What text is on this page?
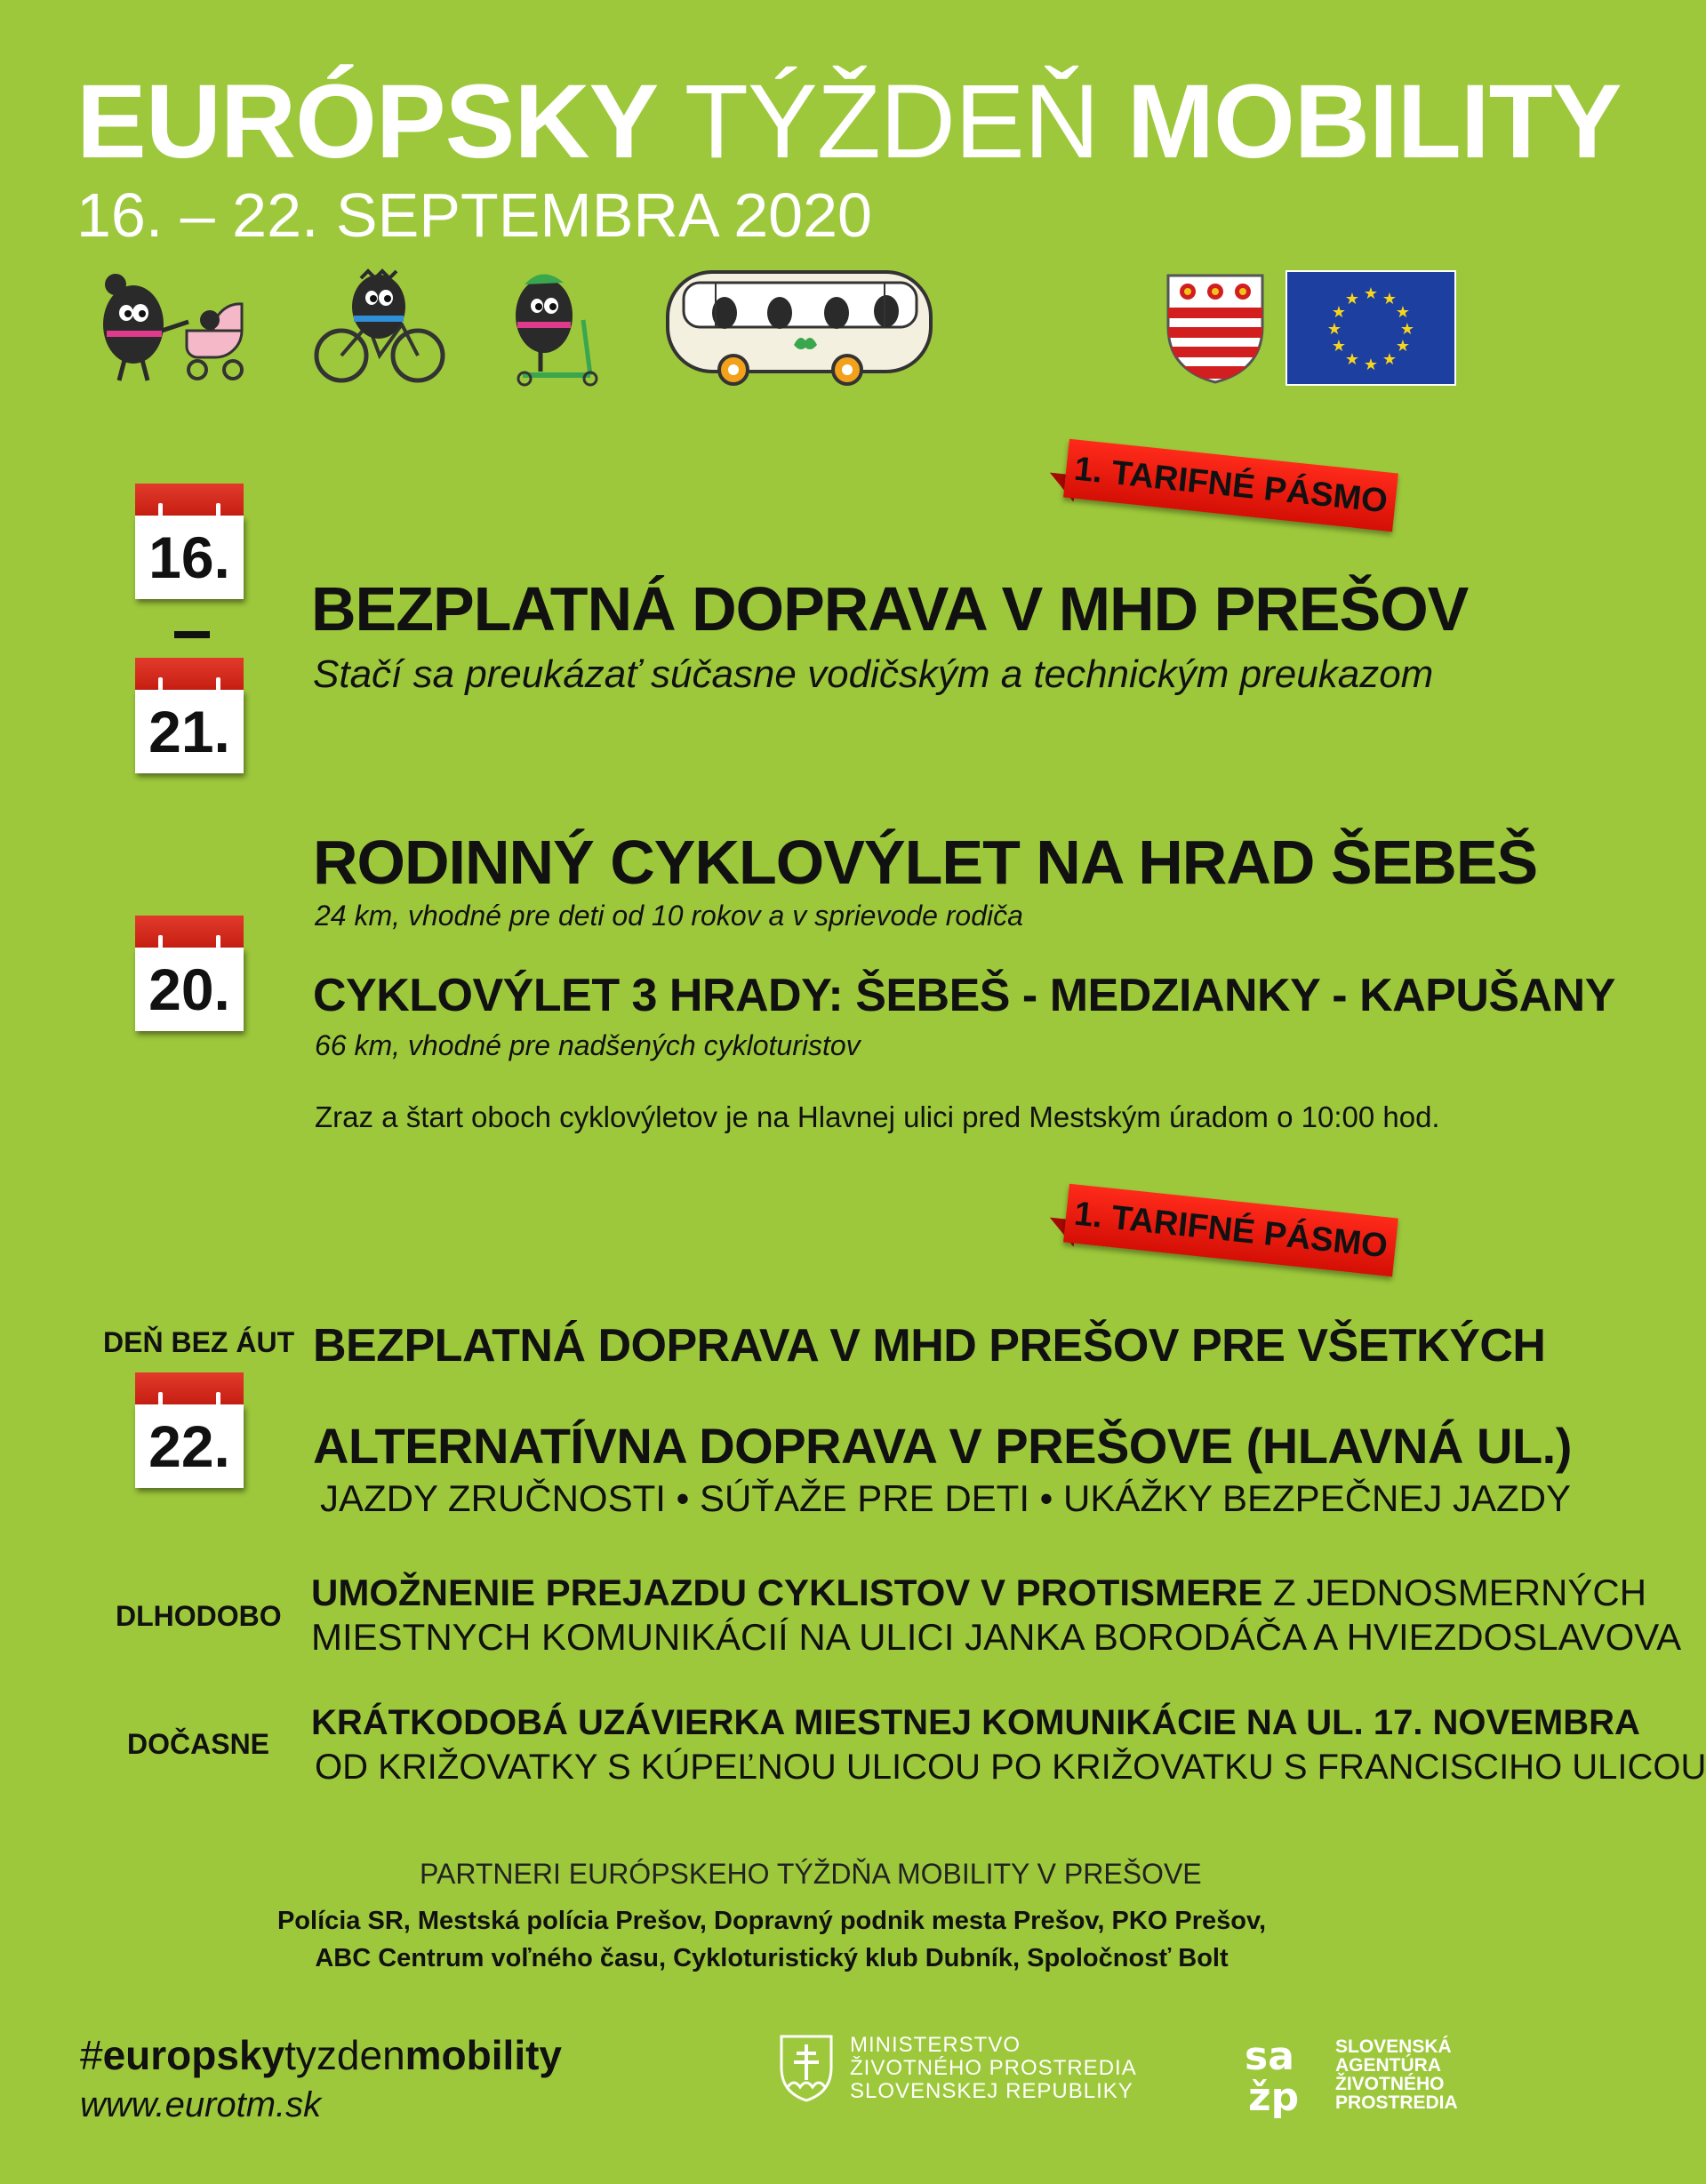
EURÓPSKY TÝŽDEŇ MOBILITY
16. – 22. SEPTEMBRA 2020
★ ★
★
★
★
★
★
★
★
★
★
★
1. TARIFNÉ PÁSMO
16.
21.
BEZPLATNÁ DOPRAVA V MHD PREŠOV
Stačí sa preukázať súčasne vodičským a technickým preukazom
RODINNÝ CYKLOVÝLET NA HRAD ŠEBEŠ
24 km, vhodné pre deti od 10 rokov a v sprievode rodiča
20. CYKLOVÝLET 3 HRADY: ŠEBEŠ - MEDZIANKY - KAPUŠANY
66 km, vhodné pre nadšených cykloturistov
Zraz a štart oboch cyklovýletov je na Hlavnej ulici pred Mestským úradom o 10:00 hod.
1. TARIFNÉ PÁSMO
DEŇ BEZ ÁUT
22.
BEZPLATNÁ DOPRAVA V MHD PREŠOV PRE VŠETKÝCH
ALTERNATÍVNA DOPRAVA V PREŠOVE (HLAVNÁ UL.)
JAZDY ZRUČNOSTI • SÚŤAŽE PRE DETI • UKÁŽKY BEZPEČNEJ JAZDY
DLHODOBO
UMOŽNENIE PREJAZDU CYKLISTOV V PROTISMERE Z JEDNOSMERNÝCH
MIESTNYCH KOMUNIKÁCIÍ NA ULICI JANKA BORODÁČA A HVIEZDOSLAVOVA
DOČASNE
KRÁTKODOBÁ UZÁVIERKA MIESTNEJ KOMUNIKÁCIE NA UL. 17. NOVEMBRA
OD KRIŽOVATKY S KÚPEĽNOU ULICOU PO KRIŽOVATKU S FRANCISCIHO ULICOU
PARTNERI EURÓPSKEHO TÝŽDŇA MOBILITY V PREŠOVE
Polícia SR, Mestská polícia Prešov, Dopravný podnik mesta Prešov, PKO Prešov,
ABC Centrum voľného času, Cykloturistický klub Dubník, Spoločnosť Bolt
#europskytyzdenmobility
www.eurotm.sk
MINISTERSTVO
ŽIVOTNÉHO PROSTREDIA
SLOVENSKEJ REPUBLIKY
sa
žp
SLOVENSKÁ
AGENTÚRA
ŽIVOTNÉHO
PROSTREDIA
